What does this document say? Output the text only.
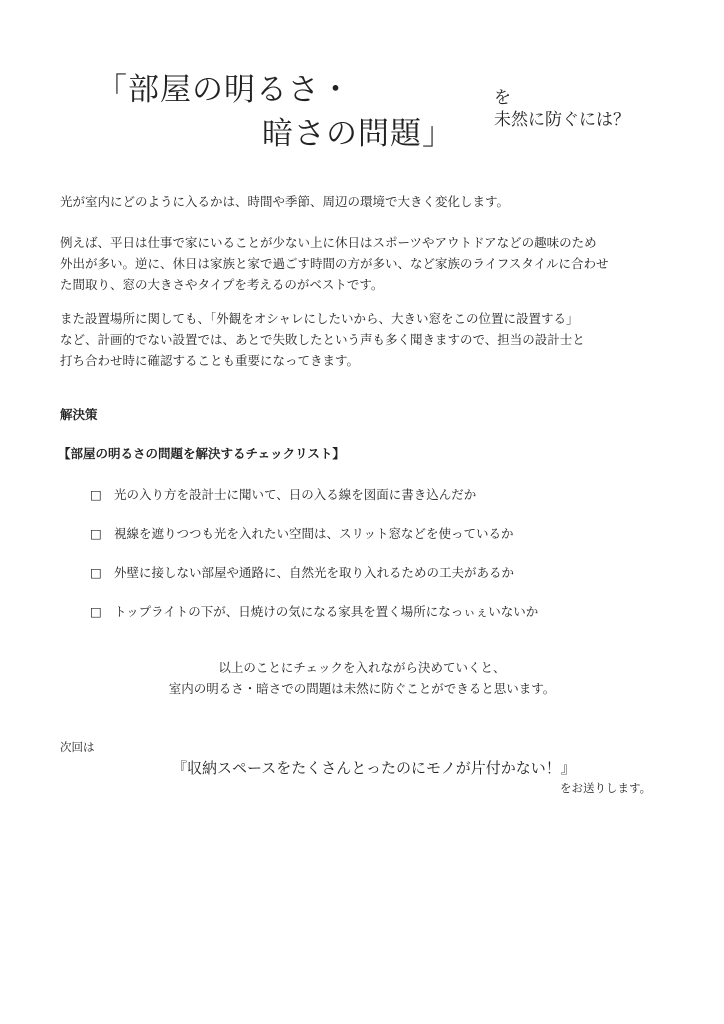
「部屋の明るさ・
暗さの問題」
を
未然に防ぐには？
光が室内にどのように入るかは、時間や季節、周辺の環境で大きく変化します。
例えば、平日は仕事で家にいることが少ない上に休日はスポーツやアウトドアなどの趣味のため
外出が多い。逆に、休日は家族と家で過ごす時間の方が多い、など家族のライフスタイルに合わせ
た間取り、窓の大きさやタイプを考えるのがベストです。
また設置場所に関しても、「外観をオシャレにしたいから、大きい窓をこの位置に設置する」
など、計画的でない設置では、あとで失敗したという声も多く聞きますので、担当の設計士と
打ち合わせ時に確認することも重要になってきます。
解決策
【部屋の明るさの問題を解決するチェックリスト】
□ 光の入り方を設計士に聞いて、日の入る線を図面に書き込んだか
□ 視線を遮りつつも光を入れたい空間は、スリット窓などを使っているか
□ 外壁に接しない部屋や通路に、自然光を取り入れるための工夫があるか
□ トップライトの下が、日焼けの気になる家具を置く場所になっぃぇいないか
以上のことにチェックを入れながら決めていくと、
室内の明るさ・暗さでの問題は未然に防ぐことができると思います。
次回は
『収納スペースをたくさんとったのにモノが片付かない！』
をお送りします。
